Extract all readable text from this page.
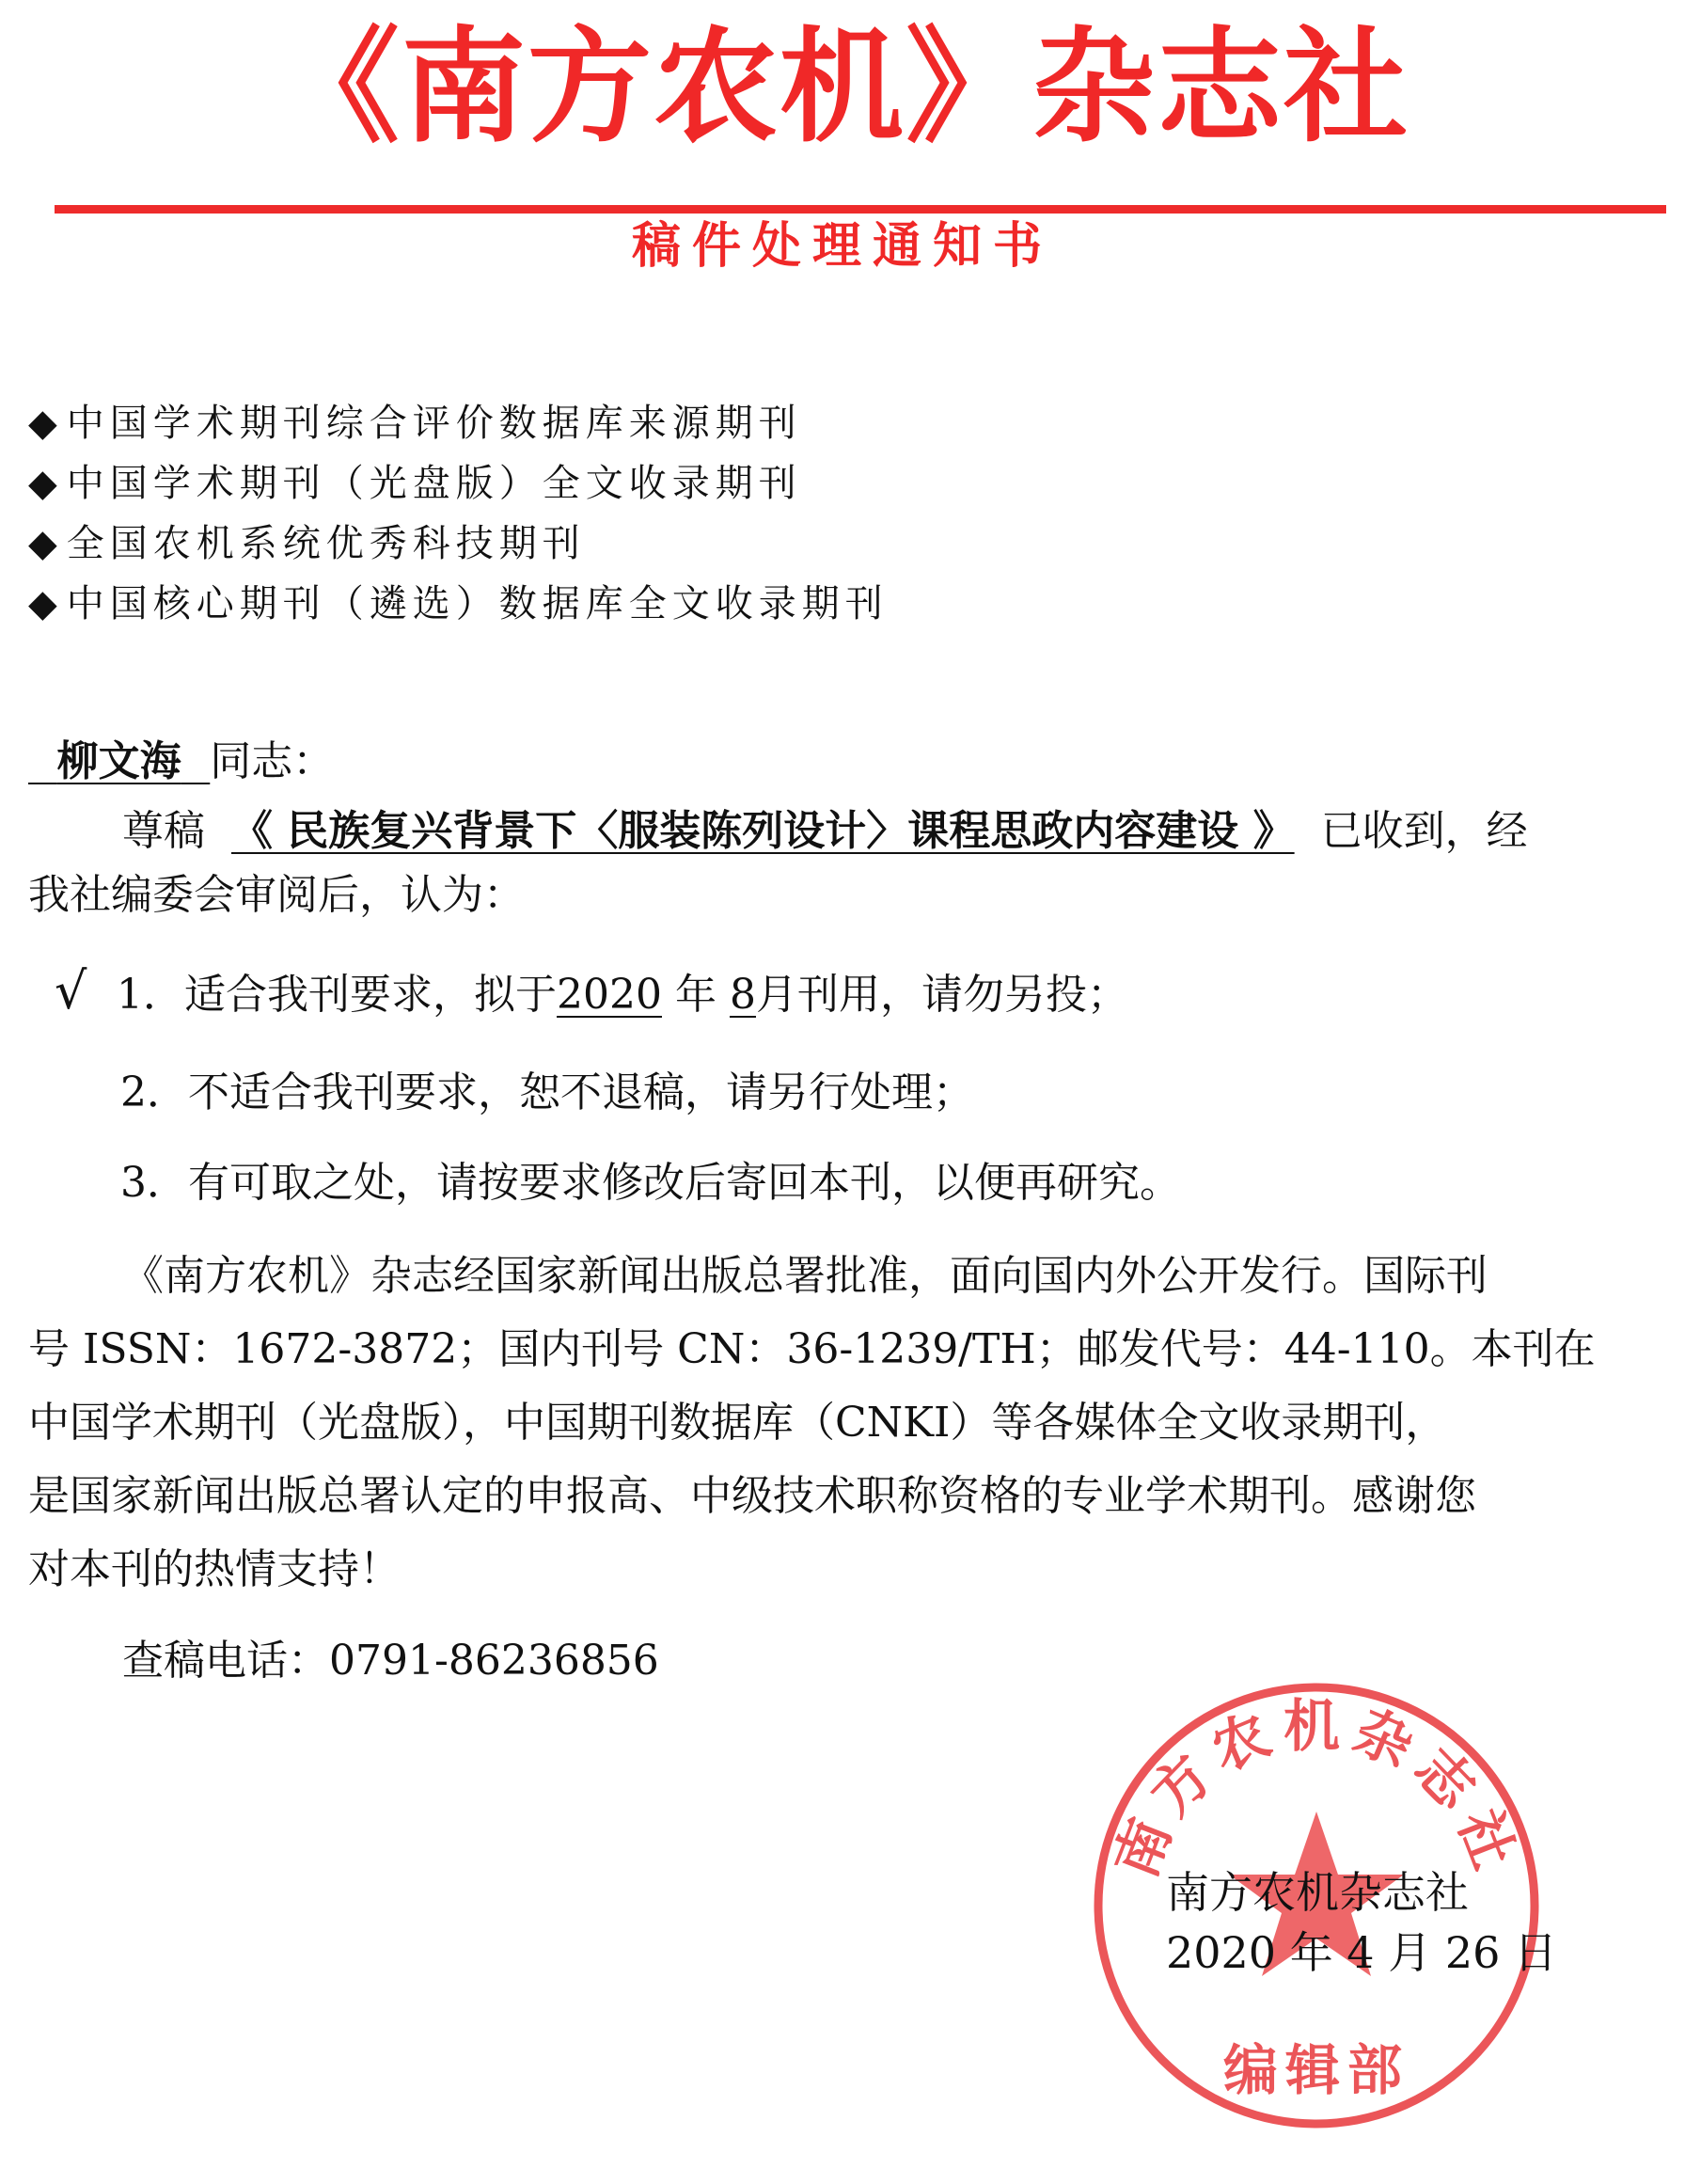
《南方农机》杂志社
稿件处理通知书
◆ 中国学术期刊综合评价数据库来源期刊
◆ 中国学术期刊（光盘版）全文收录期刊
◆ 全国农机系统优秀科技期刊
◆ 中国核心期刊（遴选）数据库全文收录期刊
柳文海 同志：
尊稿 《 民族复兴背景下〈服装陈列设计〉课程思政内容建设 》 已收到，经
我社编委会审阅后，认为：
√ 1．适合我刊要求，拟于2020 年 8月刊用，请勿另投；
2．不适合我刊要求，恕不退稿，请另行处理；
3．有可取之处，请按要求修改后寄回本刊，以便再研究。
《南方农机》杂志经国家新闻出版总署批准，面向国内外公开发行。国际刊
号 ISSN：1672-3872；国内刊号 CN：36-1239/TH；邮发代号：44-110。本刊在
中国学术期刊（光盘版），中国期刊数据库（CNKI）等各媒体全文收录期刊，
是国家新闻出版总署认定的申报高、中级技术职称资格的专业学术期刊。感谢您
对本刊的热情支持！
查稿电话：0791-86236856
南方农机杂志社
编辑部
南方农机杂志社
2020 年 4 月 26 日
